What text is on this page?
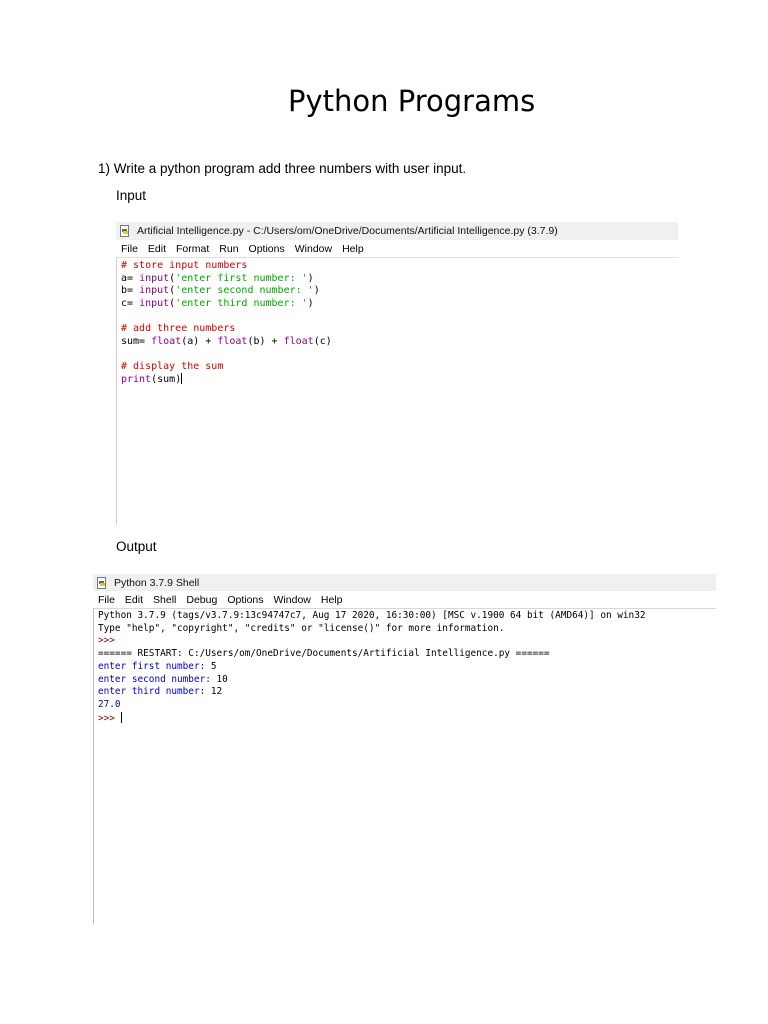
Python Programs
1) Write a python program add three numbers with user input.
Input
Artificial Intelligence.py - C:/Users/om/OneDrive/Documents/Artificial Intelligence.py (3.7.9)
File Edit Format Run Options Window Help
# store input numbers
a= input('enter first number: ')
b= input('enter second number: ')
c= input('enter third number: ')

# add three numbers
sum= float(a) + float(b) + float(c)

# display the sum
print(sum)
Output
Python 3.7.9 Shell
File Edit Shell Debug Options Window Help
Python 3.7.9 (tags/v3.7.9:13c94747c7, Aug 17 2020, 16:30:00) [MSC v.1900 64 bit (AMD64)] on win32
Type "help", "copyright", "credits" or "license()" for more information.
>>>
====== RESTART: C:/Users/om/OneDrive/Documents/Artificial Intelligence.py ======
enter first number: 5
enter second number: 10
enter third number: 12
27.0
>>>
